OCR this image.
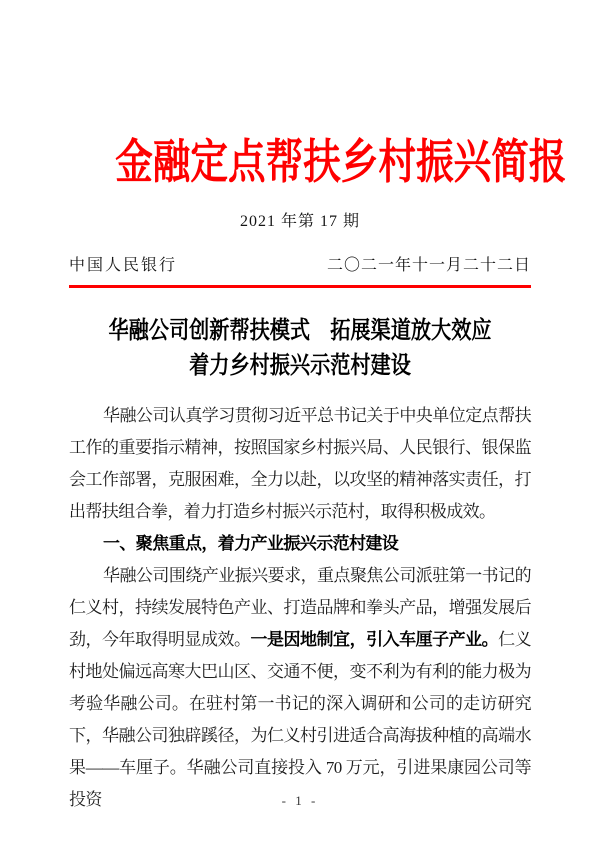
金融定点帮扶乡村振兴简报
2021 年第 17 期
中国人民银行	二〇二一年十一月二十二日
华融公司创新帮扶模式　拓展渠道放大效应
着力乡村振兴示范村建设

华融公司认真学习贯彻习近平总书记关于中央单位定点帮扶工作的重要指示精神，按照国家乡村振兴局、人民银行、银保监会工作部署，克服困难，全力以赴，以攻坚的精神落实责任，打出帮扶组合拳，着力打造乡村振兴示范村，取得积极成效。

一、聚焦重点，着力产业振兴示范村建设

华融公司围绕产业振兴要求，重点聚焦公司派驻第一书记的仁义村，持续发展特色产业、打造品牌和拳头产品，增强发展后劲，今年取得明显成效。一是因地制宜，引入车厘子产业。仁义村地处偏远高寒大巴山区、交通不便，变不利为有利的能力极为考验华融公司。在驻村第一书记的深入调研和公司的走访研究下，华融公司独辟蹊径，为仁义村引进适合高海拔种植的高端水果——车厘子。华融公司直接投入 70 万元，引进果康园公司等投资	- 1 -
